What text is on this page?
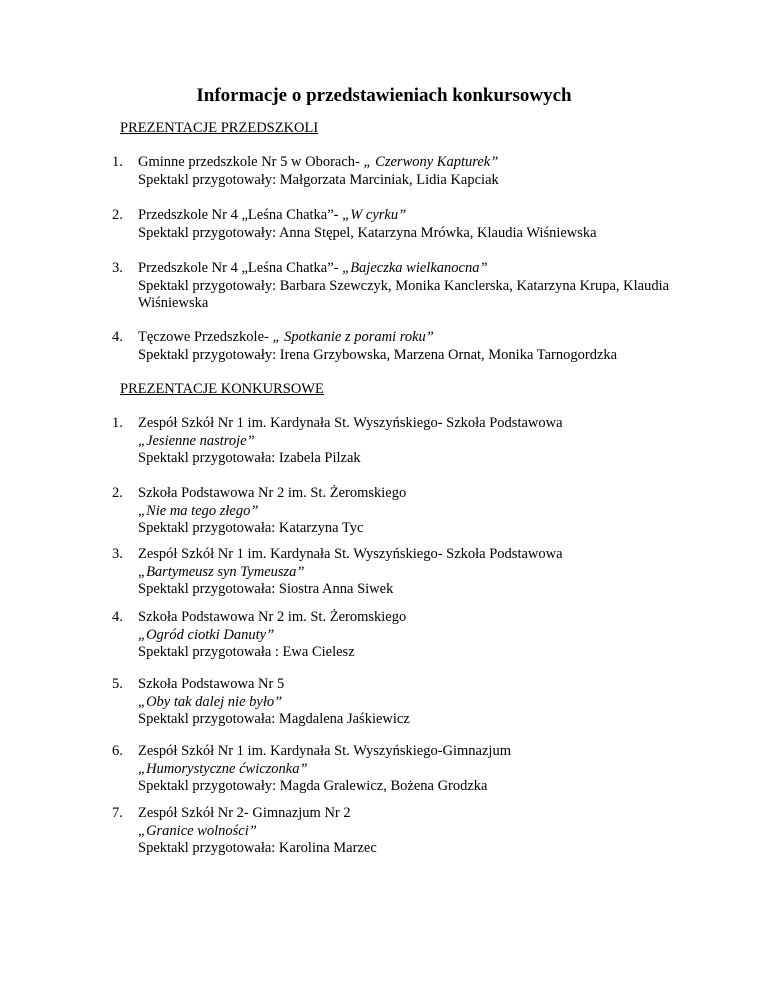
Informacje o przedstawieniach konkursowych

PREZENTACJE PRZEDSZKOLI

1. Gminne przedszkole Nr 5 w Oborach- „ Czerwony Kapturek”
Spektakl przygotowały: Małgorzata Marciniak, Lidia Kapciak
2. Przedszkole Nr 4 „Leśna Chatka”- „W cyrku”
Spektakl przygotowały: Anna Stępel, Katarzyna Mrówka, Klaudia Wiśniewska
3. Przedszkole Nr 4 „Leśna Chatka”- „Bajeczka wielkanocna”
Spektakl przygotowały: Barbara Szewczyk, Monika Kanclerska, Katarzyna Krupa, Klaudia Wiśniewska
4. Tęczowe Przedszkole- „ Spotkanie z porami roku”
Spektakl przygotowały: Irena Grzybowska, Marzena Ornat, Monika Tarnogordzka

PREZENTACJE KONKURSOWE

1. Zespół Szkół Nr 1 im. Kardynała St. Wyszyńskiego- Szkoła Podstawowa
„Jesienne nastroje”
Spektakl przygotowała: Izabela Pilzak
2. Szkoła Podstawowa Nr 2 im. St. Żeromskiego
„Nie ma tego złego”
Spektakl przygotowała: Katarzyna Tyc
3. Zespół Szkół Nr 1 im. Kardynała St. Wyszyńskiego- Szkoła Podstawowa
„Bartymeusz syn Tymeusza”
Spektakl przygotowała: Siostra Anna Siwek
4. Szkoła Podstawowa Nr 2 im. St. Żeromskiego
„Ogród ciotki Danuty”
Spektakl przygotowała : Ewa Cielesz
5. Szkoła Podstawowa Nr 5
„Oby tak dalej nie było”
Spektakl przygotowała: Magdalena Jaśkiewicz
6. Zespół Szkół Nr 1 im. Kardynała St. Wyszyńskiego-Gimnazjum
„Humorystyczne ćwiczonka”
Spektakl przygotowały: Magda Gralewicz, Bożena Grodzka
7. Zespół Szkół Nr 2- Gimnazjum Nr 2
„Granice wolności”
Spektakl przygotowała: Karolina Marzec
